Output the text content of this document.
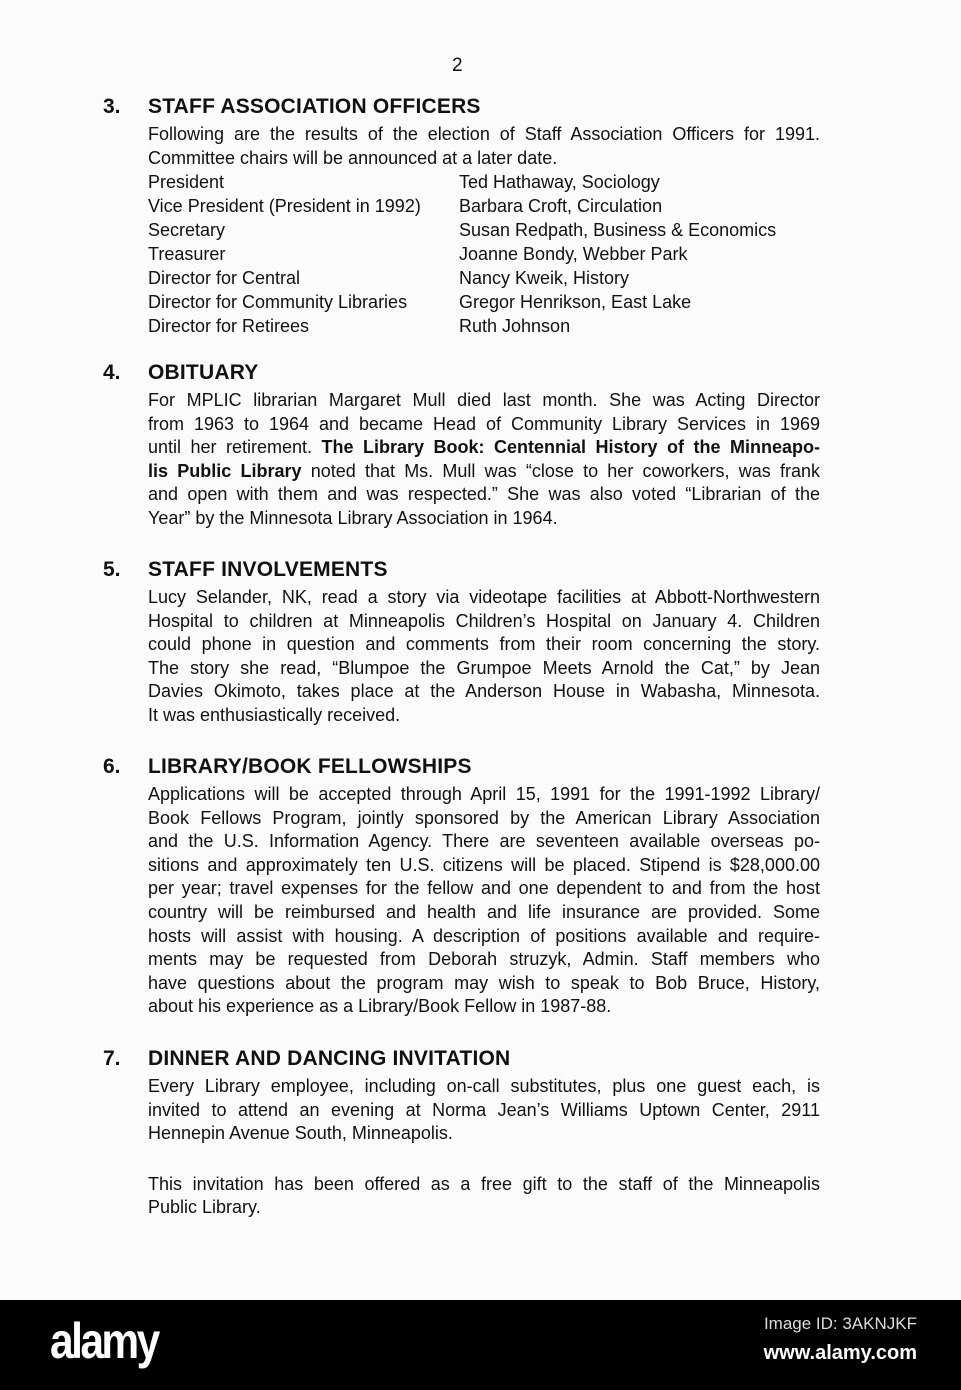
2
3. STAFF ASSOCIATION OFFICERS
Following are the results of the election of Staff Association Officers for 1991.
Committee chairs will be announced at a later date.
President	Ted Hathaway, Sociology
Vice President (President in 1992)	Barbara Croft, Circulation
Secretary	Susan Redpath, Business & Economics
Treasurer	Joanne Bondy, Webber Park
Director for Central	Nancy Kweik, History
Director for Community Libraries	Gregor Henrikson, East Lake
Director for Retirees	Ruth Johnson
4. OBITUARY
For MPLIC librarian Margaret Mull died last month. She was Acting Director
from 1963 to 1964 and became Head of Community Library Services in 1969
until her retirement. The Library Book: Centennial History of the Minneapo-
lis Public Library noted that Ms. Mull was “close to her coworkers, was frank
and open with them and was respected.” She was also voted “Librarian of the
Year” by the Minnesota Library Association in 1964.
5. STAFF INVOLVEMENTS
Lucy Selander, NK, read a story via videotape facilities at Abbott-Northwestern
Hospital to children at Minneapolis Children’s Hospital on January 4. Children
could phone in question and comments from their room concerning the story.
The story she read, “Blumpoe the Grumpoe Meets Arnold the Cat,” by Jean
Davies Okimoto, takes place at the Anderson House in Wabasha, Minnesota.
It was enthusiastically received.
6. LIBRARY/BOOK FELLOWSHIPS
Applications will be accepted through April 15, 1991 for the 1991-1992 Library/
Book Fellows Program, jointly sponsored by the American Library Association
and the U.S. Information Agency. There are seventeen available overseas po-
sitions and approximately ten U.S. citizens will be placed. Stipend is $28,000.00
per year; travel expenses for the fellow and one dependent to and from the host
country will be reimbursed and health and life insurance are provided. Some
hosts will assist with housing. A description of positions available and require-
ments may be requested from Deborah struzyk, Admin. Staff members who
have questions about the program may wish to speak to Bob Bruce, History,
about his experience as a Library/Book Fellow in 1987-88.
7. DINNER AND DANCING INVITATION
Every Library employee, including on-call substitutes, plus one guest each, is
invited to attend an evening at Norma Jean’s Williams Uptown Center, 2911
Hennepin Avenue South, Minneapolis.
This invitation has been offered as a free gift to the staff of the Minneapolis
Public Library.
alamy	Image ID: 3AKNJKF
www.alamy.com
